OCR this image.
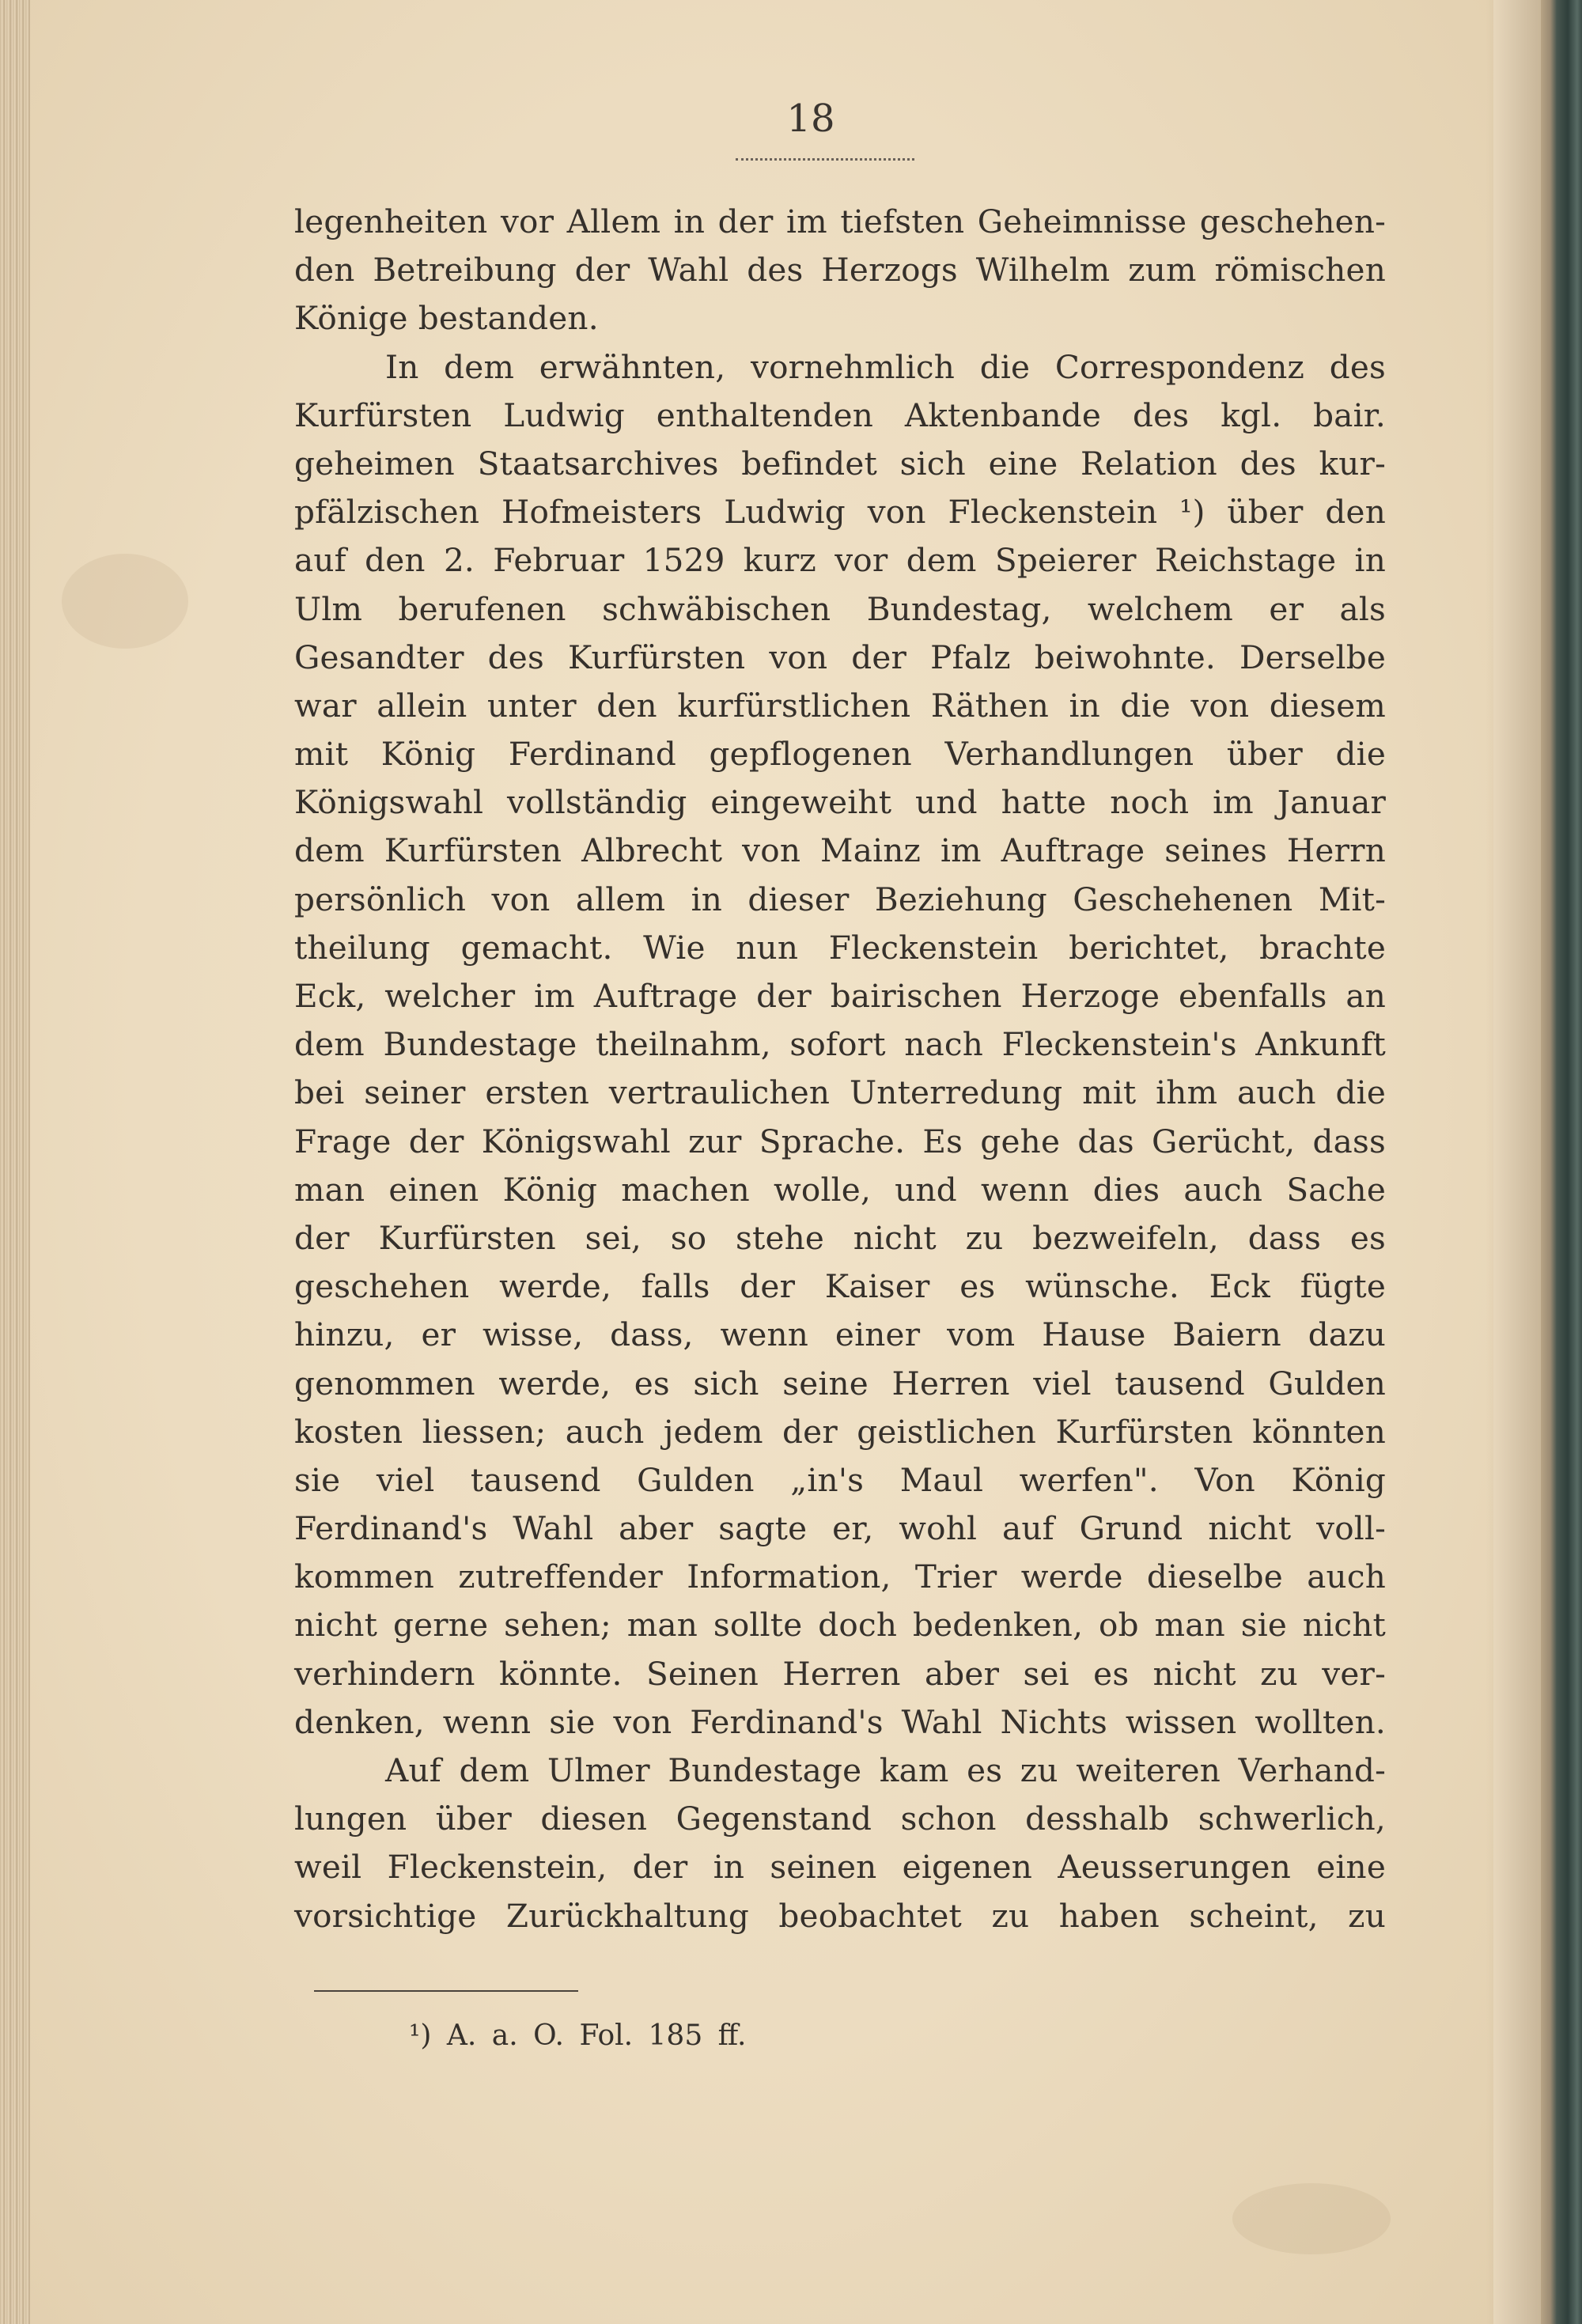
18
legenheiten vor Allem in der im tiefsten Geheimnisse geschehen-
den Betreibung der Wahl des Herzogs Wilhelm zum römischen
Könige bestanden.
In dem erwähnten, vornehmlich die Correspondenz des
Kurfürsten Ludwig enthaltenden Aktenbande des kgl. bair.
geheimen Staatsarchives befindet sich eine Relation des kur-
pfälzischen Hofmeisters Ludwig von Fleckenstein ¹) über den
auf den 2. Februar 1529 kurz vor dem Speierer Reichstage in
Ulm berufenen schwäbischen Bundestag, welchem er als
Gesandter des Kurfürsten von der Pfalz beiwohnte. Derselbe
war allein unter den kurfürstlichen Räthen in die von diesem
mit König Ferdinand gepflogenen Verhandlungen über die
Königswahl vollständig eingeweiht und hatte noch im Januar
dem Kurfürsten Albrecht von Mainz im Auftrage seines Herrn
persönlich von allem in dieser Beziehung Geschehenen Mit-
theilung gemacht. Wie nun Fleckenstein berichtet, brachte
Eck, welcher im Auftrage der bairischen Herzoge ebenfalls an
dem Bundestage theilnahm, sofort nach Fleckenstein's Ankunft
bei seiner ersten vertraulichen Unterredung mit ihm auch die
Frage der Königswahl zur Sprache. Es gehe das Gerücht, dass
man einen König machen wolle, und wenn dies auch Sache
der Kurfürsten sei, so stehe nicht zu bezweifeln, dass es
geschehen werde, falls der Kaiser es wünsche. Eck fügte
hinzu, er wisse, dass, wenn einer vom Hause Baiern dazu
genommen werde, es sich seine Herren viel tausend Gulden
kosten liessen; auch jedem der geistlichen Kurfürsten könnten
sie viel tausend Gulden „in's Maul werfen". Von König
Ferdinand's Wahl aber sagte er, wohl auf Grund nicht voll-
kommen zutreffender Information, Trier werde dieselbe auch
nicht gerne sehen; man sollte doch bedenken, ob man sie nicht
verhindern könnte. Seinen Herren aber sei es nicht zu ver-
denken, wenn sie von Ferdinand's Wahl Nichts wissen wollten.
Auf dem Ulmer Bundestage kam es zu weiteren Verhand-
lungen über diesen Gegenstand schon desshalb schwerlich,
weil Fleckenstein, der in seinen eigenen Aeusserungen eine
vorsichtige Zurückhaltung beobachtet zu haben scheint, zu
¹) A. a. O. Fol. 185 ff.
